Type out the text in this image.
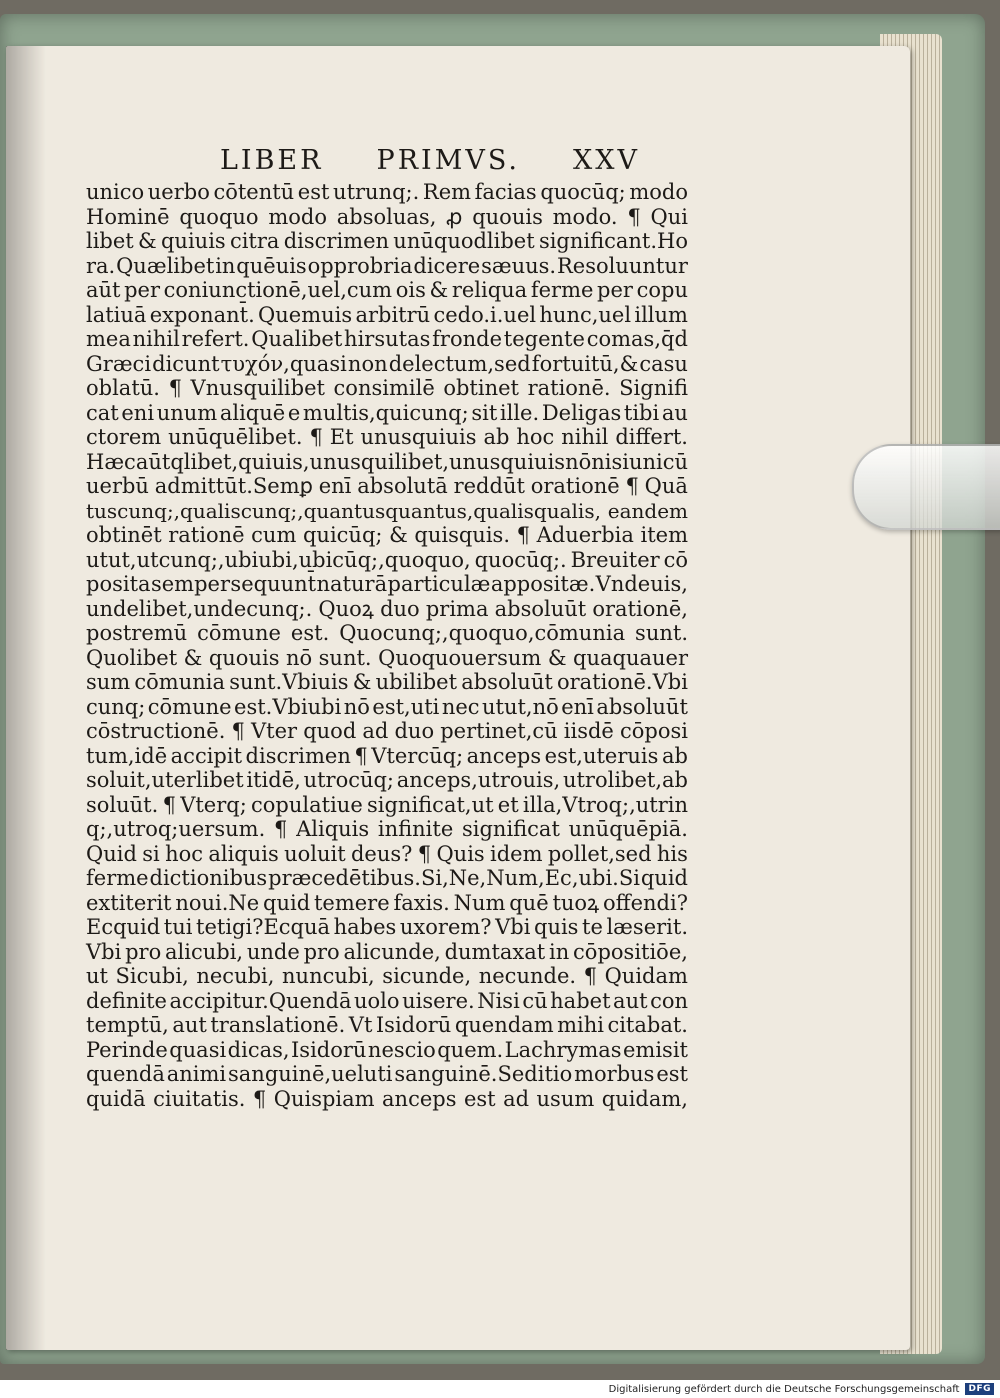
LIBER PRIMVS. XXV
unico uerbo cōtentū est utrunq;. Rem facias quocūq; modo
Hominē quoquo modo absoluas, ꝓ quouis modo. ¶ Qui
libet & quiuis citra discrimen unūquodlibet significant.Ho
ra. Quælibet in quēuis opprobria dicere sæuus. Resoluuntur
aūt per coniunctionē,uel,cum ois & reliqua ferme per copu
latiuā exponant̄. Quemuis arbitrū cedo.i.uel hunc,uel illum
mea nihil refert. Qualibet hirsutas fronde tegente comas,q̄d
Græci dicunt τυχόν,quasi non delectum,sed fortuitū,& casu
oblatū. ¶ Vnusquilibet consimilē obtinet rationē. Signifi
cat eni unum aliquē e multis,quicunq; sit ille. Deligas tibi au
ctorem unūquēlibet. ¶ Et unusquiuis ab hoc nihil differt.
Hæc aūt qlibet,quiuis,unusquilibet,unusquiuis nō nisi unicū
uerbū admittūt.Semꝑ enī absolutā reddūt orationē ¶ Quā
tuscunq;,qualiscunq;,quantusquantus,qualisqualis, eandem
obtinēt rationē cum quicūq; & quisquis. ¶ Aduerbia item
utut,utcunq;,ubiubi,ubicūq;,quoquo, quocūq;. Breuiter cō
posita semper sequunt̄ naturā particulæ appositæ. Vndeuis,
undelibet,undecunq;. Quoꝝ duo prima absoluūt orationē,
postremū cōmune est. Quocunq;,quoquo,cōmunia sunt.
Quolibet & quouis nō sunt. Quoquouersum & quaquauer
sum cōmunia sunt.Vbiuis & ubilibet absoluūt orationē.Vbi
cunq; cōmune est.Vbiubi nō est,uti nec utut,nō enī absoluūt
cōstructionē. ¶ Vter quod ad duo pertinet,cū iisdē cōposi
tum,idē accipit discrimen ¶ Vtercūq; anceps est,uteruis ab
soluit,uterlibet itidē, utrocūq; anceps,utrouis, utrolibet,ab
soluūt. ¶ Vterq; copulatiue significat,ut et illa,Vtroq;,utrin
q;,utroq;uersum. ¶ Aliquis infinite significat unūquēpiā.
Quid si hoc aliquis uoluit deus? ¶ Quis idem pollet,sed his
ferme dictionibus præcedētibus.Si,Ne,Num,Ec,ubi.Si quid
extiterit noui.Ne quid temere faxis. Num quē tuoꝝ offendi?
Ecquid tui tetigi?Ecquā habes uxorem? Vbi quis te læserit.
Vbi pro alicubi, unde pro alicunde, dumtaxat in cōpositiōe,
ut Sicubi, necubi, nuncubi, sicunde, necunde. ¶ Quidam
definite accipitur.Quendā uolo uisere. Nisi cū habet aut con
temptū, aut translationē. Vt Isidorū quendam mihi citabat.
Perinde quasi dicas, Isidorū nescio quem. Lachrymas emisit
quendā animi sanguinē,ueluti sanguinē.Seditio morbus est
quidā ciuitatis. ¶ Quispiam anceps est ad usum quidam,
Digitalisierung gefördert durch die Deutsche Forschungsgemeinschaft	DFG
